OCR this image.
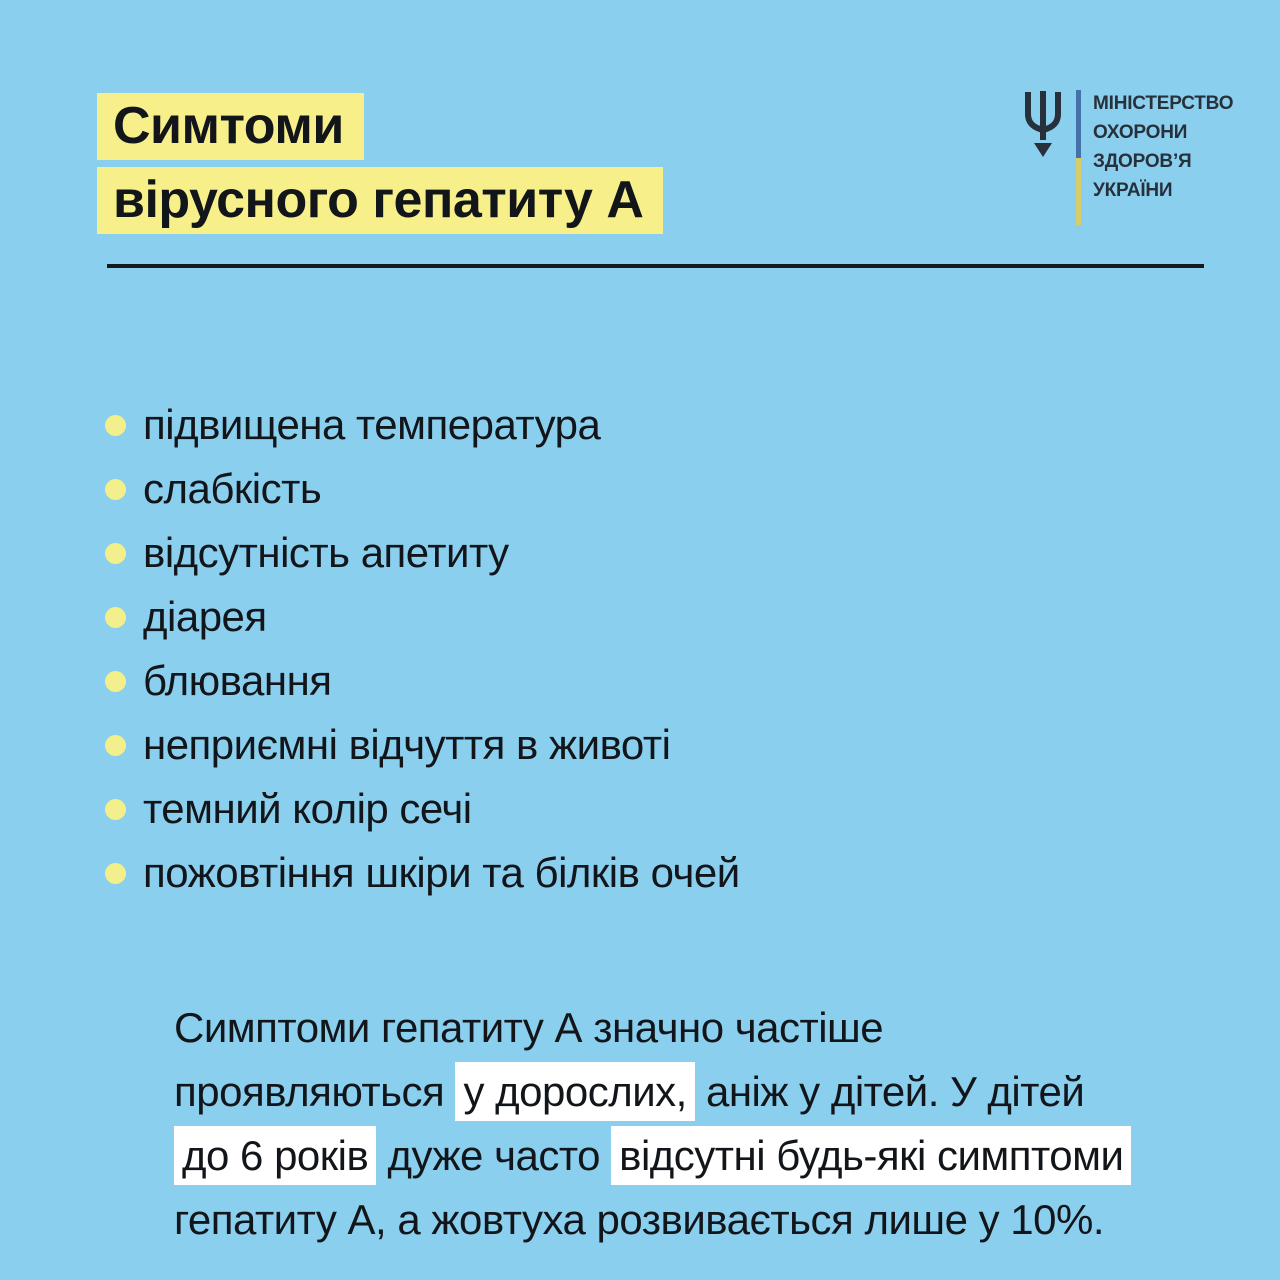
Симтоми
вірусного гепатиту А
МІНІСТЕРСТВО
ОХОРОНИ
ЗДОРОВ’Я
УКРАЇНИ
підвищена температура
слабкість
відсутність апетиту
діарея
блювання
неприємні відчуття в животі
темний колір сечі
пожовтіння шкіри та білків очей

Симптоми гепатиту А значно частіше

проявляються у дорослих, аніж у дітей. У дітей

до 6 років дуже часто відсутні будь-які симптоми

гепатиту А, а жовтуха розвивається лише у 10%.
